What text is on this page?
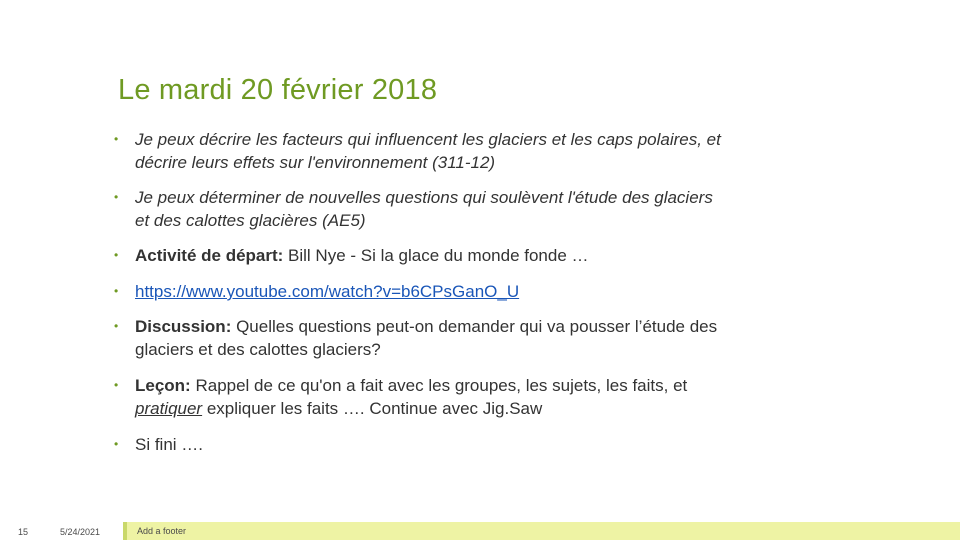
Le mardi 20 février 2018
• Je peux décrire les facteurs qui influencent les glaciers et les caps polaires, et
décrire leurs effets sur l'environnement (311-12)
• Je peux déterminer de nouvelles questions qui soulèvent l'étude des glaciers
et des calottes glacières (AE5)
• Activité de départ: Bill Nye - Si la glace du monde fonde …
• https://www.youtube.com/watch?v=b6CPsGanO_U
• Discussion: Quelles questions peut-on demander qui va pousser l’étude des
glaciers et des calottes glaciers?
• Leçon: Rappel de ce qu'on a fait avec les groupes, les sujets, les faits, et
pratiquer expliquer les faits …. Continue avec Jig.Saw
• Si fini ….
15	5/24/2021	Add a footer
